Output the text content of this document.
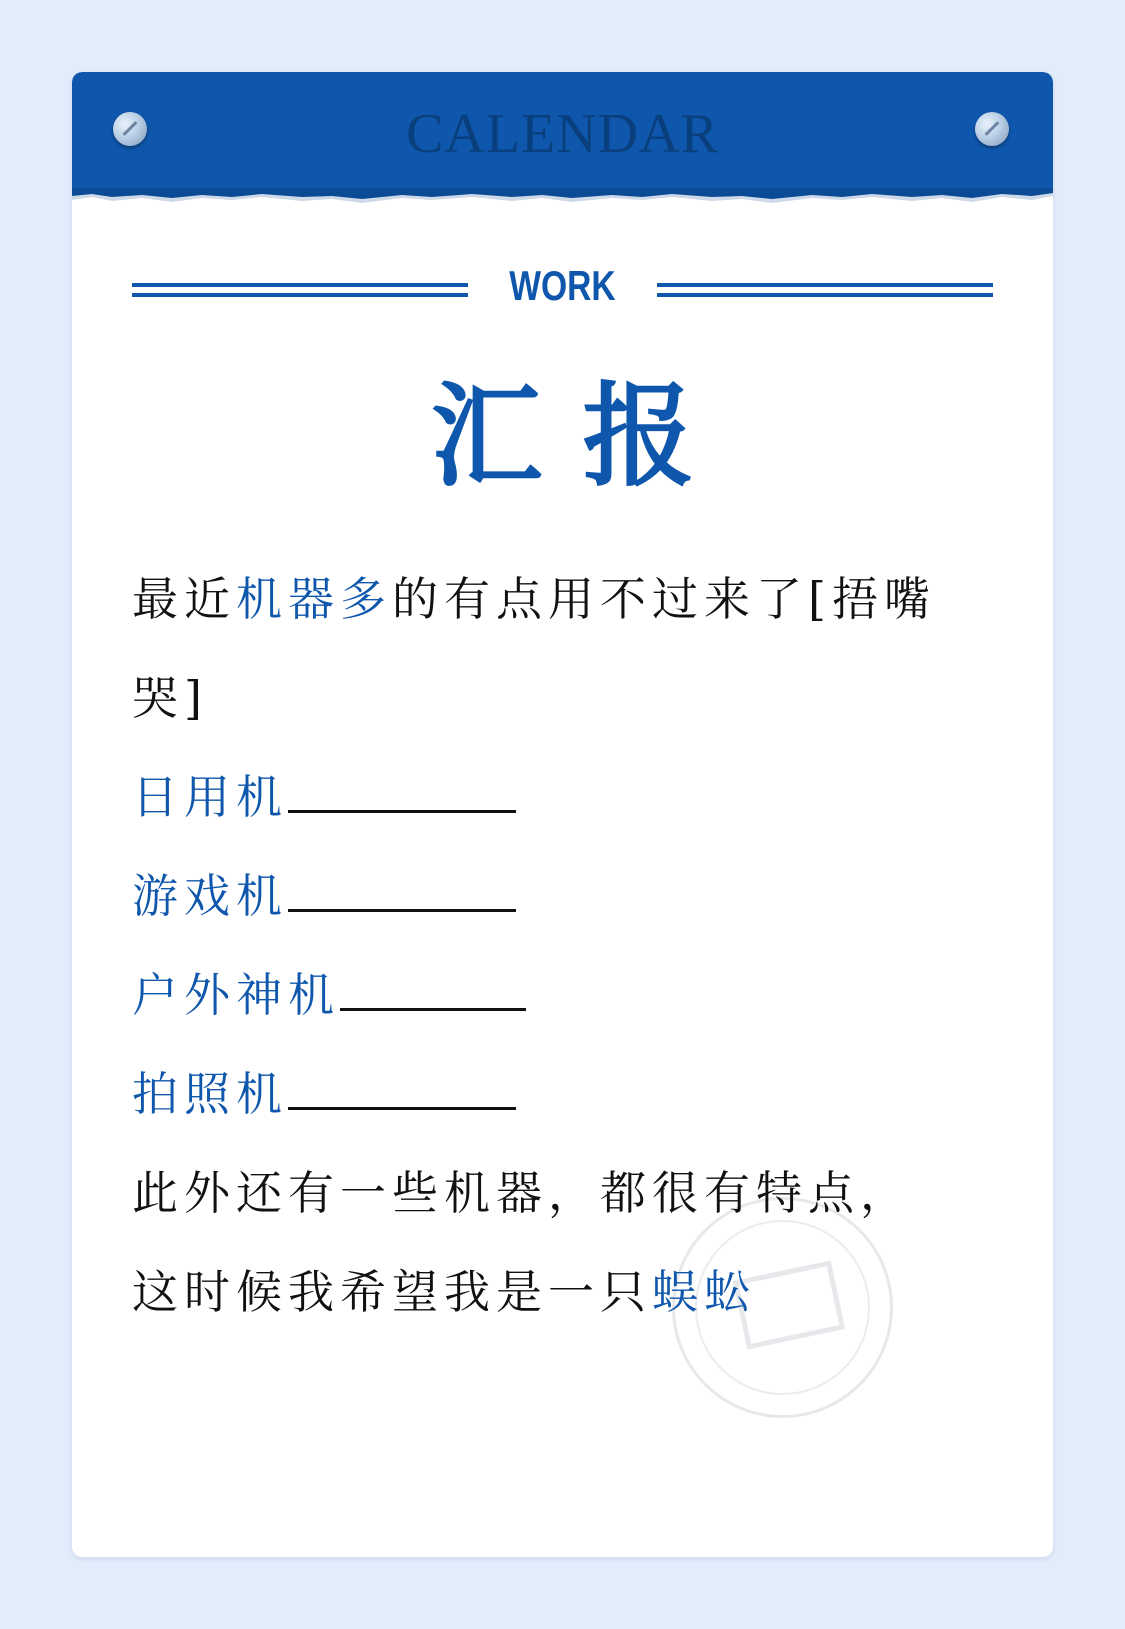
CALENDAR
WORK
汇报
最近机器多的有点用不过来了[捂嘴
哭]
日用机
游戏机
户外神机
拍照机
此外还有一些机器，都很有特点，
这时候我希望我是一只蜈蚣
